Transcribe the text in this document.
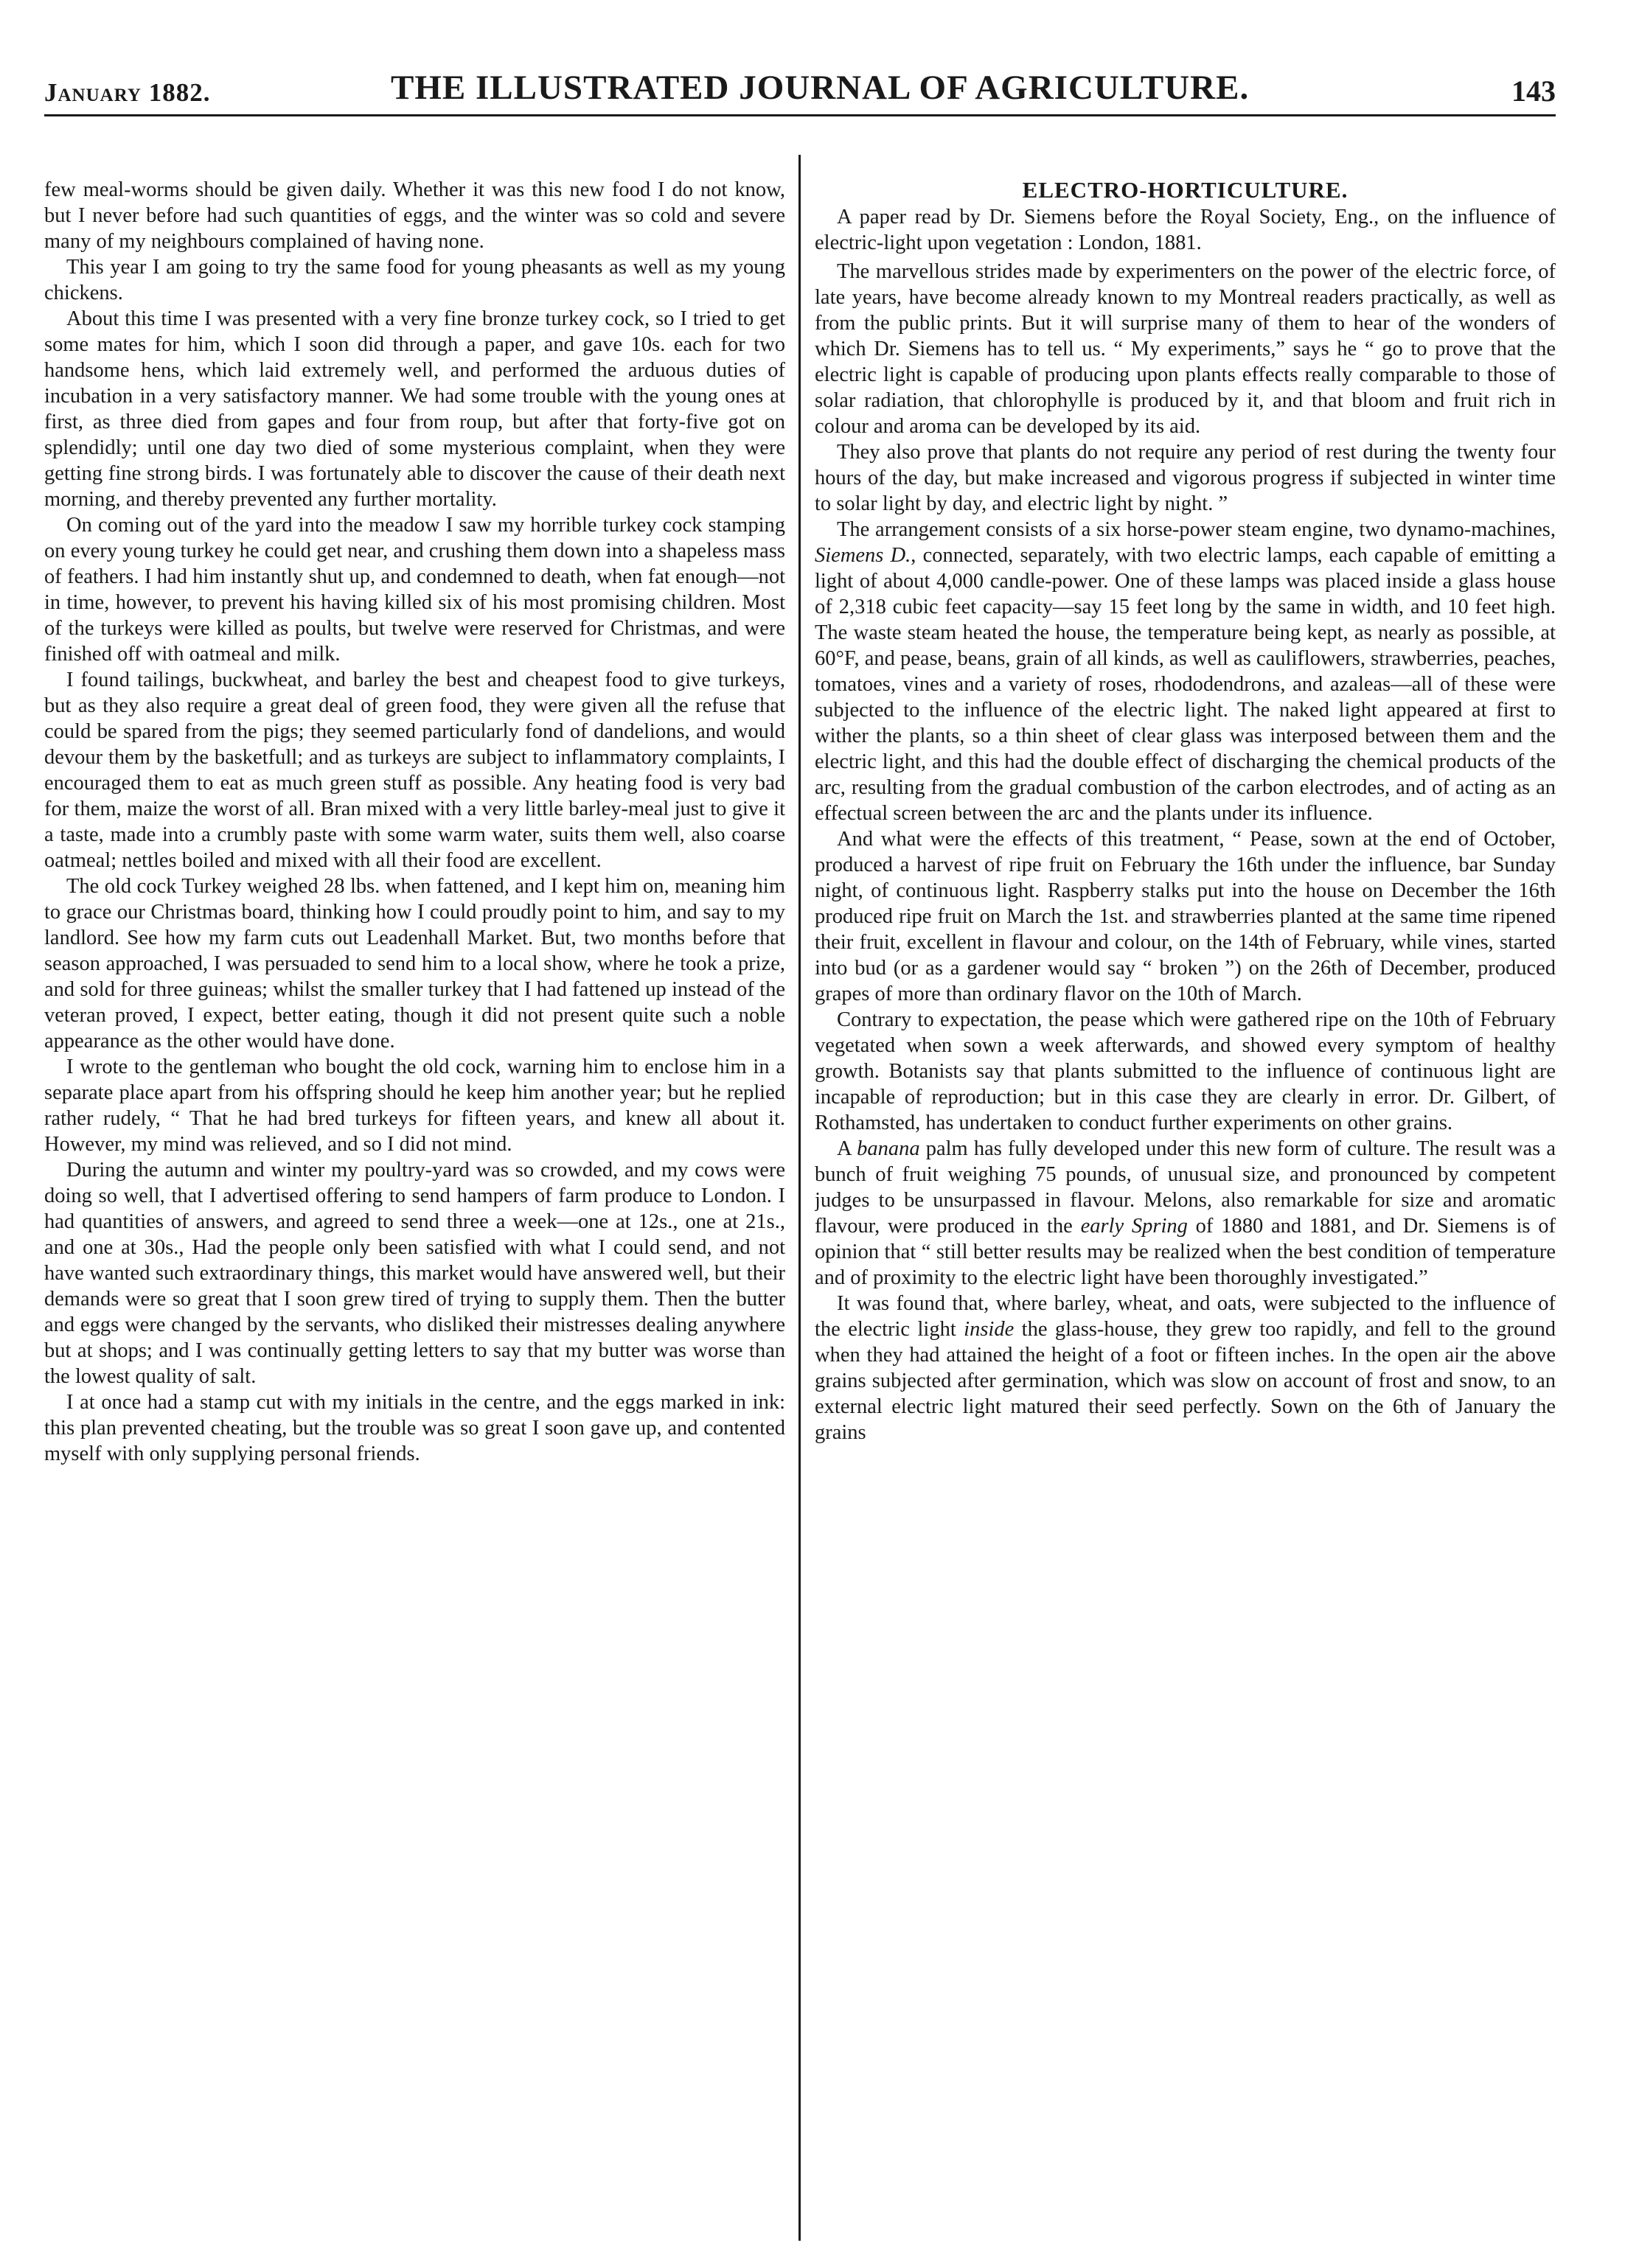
January 1882.	THE ILLUSTRATED JOURNAL OF AGRICULTURE.	143

few meal-worms should be given daily. Whether it was this new food I do not know, but I never before had such quantities of eggs, and the winter was so cold and severe many of my neighbours complained of having none.

This year I am going to try the same food for young pheasants as well as my young chickens.

About this time I was presented with a very fine bronze turkey cock, so I tried to get some mates for him, which I soon did through a paper, and gave 10s. each for two handsome hens, which laid extremely well, and performed the arduous duties of incubation in a very satisfactory manner. We had some trouble with the young ones at first, as three died from gapes and four from roup, but after that forty-five got on splendidly; until one day two died of some mysterious complaint, when they were getting fine strong birds. I was fortunately able to discover the cause of their death next morning, and thereby prevented any further mortality.

On coming out of the yard into the meadow I saw my horrible turkey cock stamping on every young turkey he could get near, and crushing them down into a shapeless mass of feathers. I had him instantly shut up, and condemned to death, when fat enough—not in time, however, to prevent his having killed six of his most promising children. Most of the turkeys were killed as poults, but twelve were reserved for Christmas, and were finished off with oatmeal and milk.

I found tailings, buckwheat, and barley the best and cheapest food to give turkeys, but as they also require a great deal of green food, they were given all the refuse that could be spared from the pigs; they seemed particularly fond of dandelions, and would devour them by the basketfull; and as turkeys are subject to inflammatory complaints, I encouraged them to eat as much green stuff as possible. Any heating food is very bad for them, maize the worst of all. Bran mixed with a very little barley-meal just to give it a taste, made into a crumbly paste with some warm water, suits them well, also coarse oatmeal; nettles boiled and mixed with all their food are excellent.

The old cock Turkey weighed 28 lbs. when fattened, and I kept him on, meaning him to grace our Christmas board, thinking how I could proudly point to him, and say to my landlord. See how my farm cuts out Leadenhall Market. But, two months before that season approached, I was persuaded to send him to a local show, where he took a prize, and sold for three guineas; whilst the smaller turkey that I had fattened up instead of the veteran proved, I expect, better eating, though it did not present quite such a noble appearance as the other would have done.

I wrote to the gentleman who bought the old cock, warning him to enclose him in a separate place apart from his offspring should he keep him another year; but he replied rather rudely, “ That he had bred turkeys for fifteen years, and knew all about it. However, my mind was relieved, and so I did not mind.

During the autumn and winter my poultry-yard was so crowded, and my cows were doing so well, that I advertised offering to send hampers of farm produce to London. I had quantities of answers, and agreed to send three a week—one at 12s., one at 21s., and one at 30s., Had the people only been satisfied with what I could send, and not have wanted such extraordinary things, this market would have answered well, but their demands were so great that I soon grew tired of trying to supply them. Then the butter and eggs were changed by the servants, who disliked their mistresses dealing anywhere but at shops; and I was continually getting letters to say that my butter was worse than the lowest quality of salt.

I at once had a stamp cut with my initials in the centre, and the eggs marked in ink: this plan prevented cheating, but the trouble was so great I soon gave up, and contented myself with only supplying personal friends.

ELECTRO-HORTICULTURE.

A paper read by Dr. Siemens before the Royal Society, Eng., on the influence of electric-light upon vegetation : London, 1881.

The marvellous strides made by experimenters on the power of the electric force, of late years, have become already known to my Montreal readers practically, as well as from the public prints. But it will surprise many of them to hear of the wonders of which Dr. Siemens has to tell us. “ My experiments,” says he “ go to prove that the electric light is capable of producing upon plants effects really comparable to those of solar radiation, that chlorophylle is produced by it, and that bloom and fruit rich in colour and aroma can be developed by its aid.

They also prove that plants do not require any period of rest during the twenty four hours of the day, but make increased and vigorous progress if subjected in winter time to solar light by day, and electric light by night. ”

The arrangement consists of a six horse-power steam engine, two dynamo-machines, Siemens D., connected, separately, with two electric lamps, each capable of emitting a light of about 4,000 candle-power. One of these lamps was placed inside a glass house of 2,318 cubic feet capacity—say 15 feet long by the same in width, and 10 feet high. The waste steam heated the house, the temperature being kept, as nearly as possible, at 60°F, and pease, beans, grain of all kinds, as well as cauliflowers, strawberries, peaches, tomatoes, vines and a variety of roses, rhododendrons, and azaleas—all of these were subjected to the influence of the electric light. The naked light appeared at first to wither the plants, so a thin sheet of clear glass was interposed between them and the electric light, and this had the double effect of discharging the chemical products of the arc, resulting from the gradual combustion of the carbon electrodes, and of acting as an effectual screen between the arc and the plants under its influence.

And what were the effects of this treatment, “ Pease, sown at the end of October, produced a harvest of ripe fruit on February the 16th under the influence, bar Sunday night, of continuous light. Raspberry stalks put into the house on December the 16th produced ripe fruit on March the 1st. and strawberries planted at the same time ripened their fruit, excellent in flavour and colour, on the 14th of February, while vines, started into bud (or as a gardener would say “ broken ”) on the 26th of December, produced grapes of more than ordinary flavor on the 10th of March.

Contrary to expectation, the pease which were gathered ripe on the 10th of February vegetated when sown a week afterwards, and showed every symptom of healthy growth. Botanists say that plants submitted to the influence of continuous light are incapable of reproduction; but in this case they are clearly in error. Dr. Gilbert, of Rothamsted, has undertaken to conduct further experiments on other grains.

A banana palm has fully developed under this new form of culture. The result was a bunch of fruit weighing 75 pounds, of unusual size, and pronounced by competent judges to be unsurpassed in flavour. Melons, also remarkable for size and aromatic flavour, were produced in the early Spring of 1880 and 1881, and Dr. Siemens is of opinion that “ still better results may be realized when the best condition of temperature and of proximity to the electric light have been thoroughly investigated.”

It was found that, where barley, wheat, and oats, were subjected to the influence of the electric light inside the glass-house, they grew too rapidly, and fell to the ground when they had attained the height of a foot or fifteen inches. In the open air the above grains subjected after germination, which was slow on account of frost and snow, to an external electric light matured their seed perfectly. Sown on the 6th of January the grains
